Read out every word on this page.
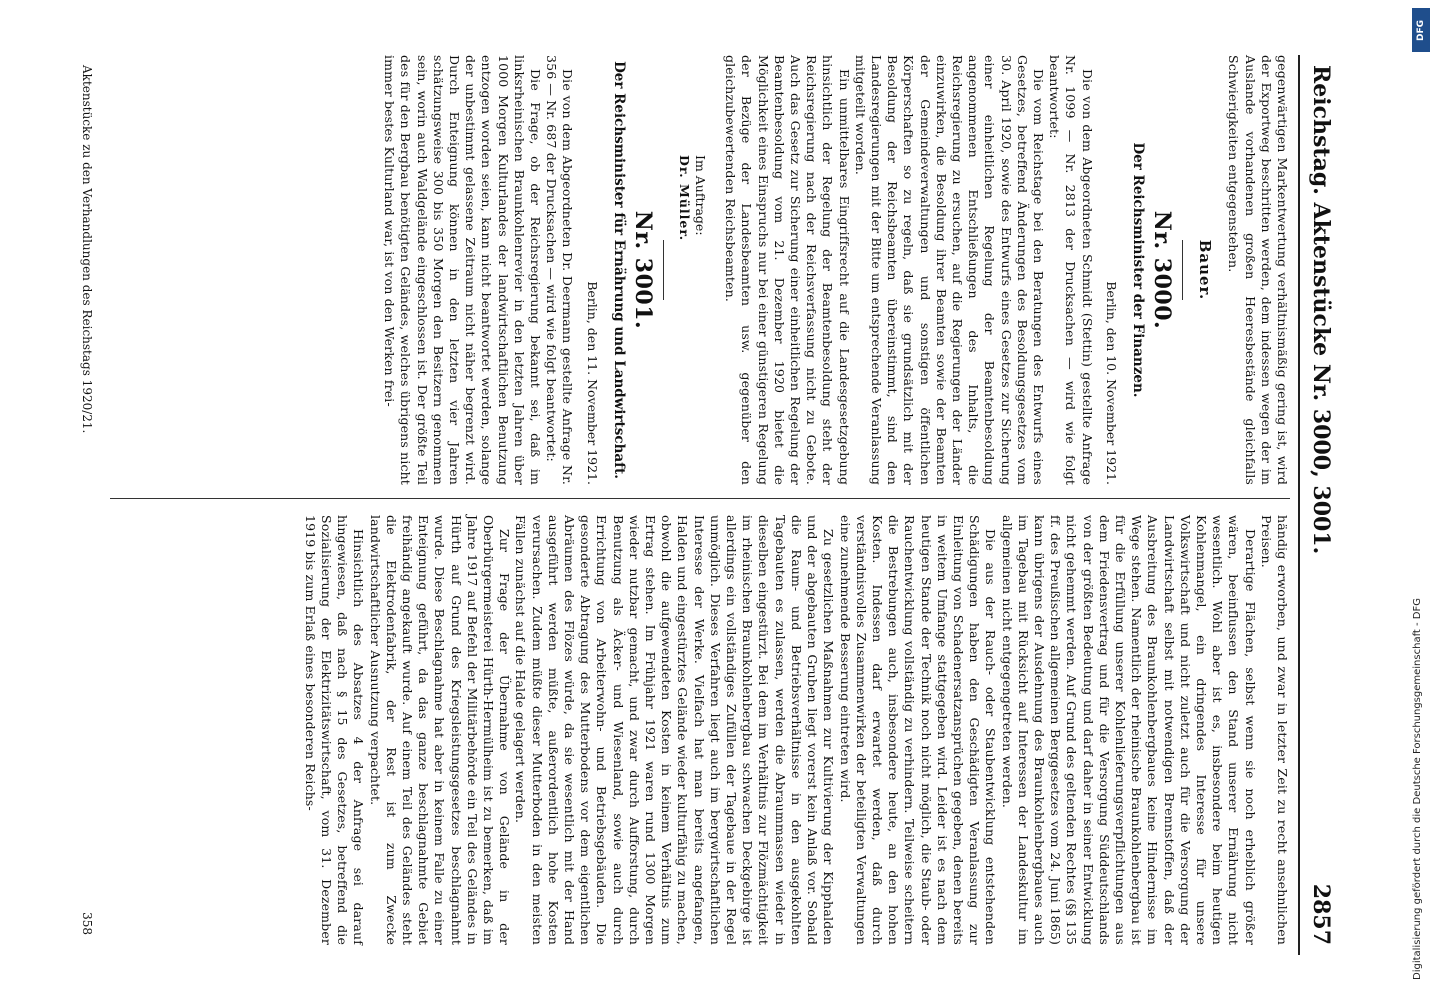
Reichstag. Aktenstücke Nr. 3000, 3001.
2857

gegenwärtigen Markentwertung verhältnismäßig gering ist, wird der Exportweg beschritten werden, dem indessen wegen der im Auslande vorhandenen großen Heeresbestände gleichfalls Schwierigkeiten entgegenstehen.

Bauer.
Nr. 3000.
Der Reichsminister der Finanzen.
Berlin, den 10. November 1921.

Die von dem Abgeordneten Schmidt (Stettin) gestellte Anfrage Nr. 1099 — Nr. 2813 der Drucksachen — wird wie folgt beantwortet:

Die vom Reichstage bei den Beratungen des Entwurfs eines Gesetzes, betreffend Änderungen des Besoldungsgesetzes vom 30. April 1920, sowie des Entwurfs eines Gesetzes zur Sicherung einer einheitlichen Regelung der Beamtenbesoldung angenommenen Entschließungen des Inhalts, die Reichsregierung zu ersuchen, auf die Regierungen der Länder einzuwirken, die Besoldung ihrer Beamten sowie der Beamten der Gemeindeverwaltungen und sonstigen öffentlichen Körperschaften so zu regeln, daß sie grundsätzlich mit der Besoldung der Reichsbeamten übereinstimmt, sind den Landesregierungen mit der Bitte um entsprechende Veranlassung mitgeteilt worden.

Ein unmittelbares Eingriffsrecht auf die Landesgesetzgebung hinsichtlich der Regelung der Beamtenbesoldung steht der Reichsregierung nach der Reichsverfassung nicht zu Gebote. Auch das Gesetz zur Sicherung einer einheitlichen Regelung der Beamtenbesoldung vom 21. Dezember 1920 bietet die Möglichkeit eines Einspruchs nur bei einer günstigeren Regelung der Bezüge der Landesbeamten usw. gegenüber den gleichzubewertenden Reichsbeamten.

Im Auftrage:
Dr. Müller.
Nr. 3001.
Der Reichsminister für Ernährung und Landwirtschaft.
Berlin, den 11. November 1921.

Die von dem Abgeordneten Dr. Deermann gestellte Anfrage Nr. 356 — Nr. 687 der Drucksachen — wird wie folgt beantwortet:

Die Frage, ob der Reichsregierung bekannt sei, daß im linksrheinischen Braunkohlenrevier in den letzten Jahren über 1000 Morgen Kulturlandes der landwirtschaftlichen Benutzung entzogen worden seien, kann nicht beantwortet werden, solange der unbestimmt gelassene Zeitraum nicht näher begrenzt wird. Durch Enteignung können in den letzten vier Jahren schätzungsweise 300 bis 350 Morgen den Besitzern genommen sein, worin auch Waldgelände eingeschlossen ist. Der größte Teil des für den Bergbau benötigten Geländes, welches übrigens nicht immer bestes Kulturland war, ist von den Werken frei-

händig erworben, und zwar in letzter Zeit zu recht ansehnlichen Preisen.

Derartige Flächen, selbst wenn sie noch erheblich größer wären, beeinflussen den Stand unserer Ernährung nicht wesentlich. Wohl aber ist es, insbesondere beim heutigen Kohlenmangel, ein dringendes Interesse für unsere Volkswirtschaft und nicht zuletzt auch für die Versorgung der Landwirtschaft selbst mit notwendigen Brennstoffen, daß der Ausbreitung des Braunkohlenbergbaues keine Hindernisse im Wege stehen. Namentlich der rheinische Braunkohlenbergbau ist für die Erfüllung unserer Kohlenlieferungsverpflichtungen aus dem Friedensvertrag und für die Versorgung Süddeutschlands von der größten Bedeutung und darf daher in seiner Entwicklung nicht gehemmt werden. Auf Grund des geltenden Rechtes (§§ 135 ff. des Preußischen allgemeinen Berggesetzes vom 24. Juni 1865) kann übrigens der Ausdehnung des Braunkohlenbergbaues auch im Tagebau mit Rücksicht auf Interessen der Landeskultur im allgemeinen nicht entgegengetreten werden.

Die aus der Rauch- oder Staubentwicklung entstehenden Schädigungen haben den Geschädigten Veranlassung zur Einleitung von Schadenersatzansprüchen gegeben, denen bereits in weitem Umfange stattgegeben wird. Leider ist es nach dem heutigen Stande der Technik noch nicht möglich, die Staub- oder Rauchentwicklung vollständig zu verhindern. Teilweise scheitern die Bestrebungen auch, insbesondere heute, an den hohen Kosten. Indessen darf erwartet werden, daß durch verständnisvolles Zusammenwirken der beteiligten Verwaltungen eine zunehmende Besserung eintreten wird.

Zu gesetzlichen Maßnahmen zur Kultivierung der Kipphalden und der abgebauten Gruben liegt vorerst kein Anlaß vor. Sobald die Raum- und Betriebsverhältnisse in den ausgekohlten Tagebauten es zulassen, werden die Abraummassen wieder in dieselben eingestürzt. Bei dem im Verhältnis zur Flözmächtigkeit im rheinischen Braunkohlenbergbau schwachen Deckgebirge ist allerdings ein vollständiges Zufüllen der Tagebaue in der Regel unmöglich. Dieses Verfahren liegt auch im bergwirtschaftlichen Interesse der Werke. Vielfach hat man bereits angefangen, Halden und eingestürztes Gelände wieder kulturfähig zu machen, obwohl die aufgewendeten Kosten in keinem Verhältnis zum Ertrag stehen. Im Frühjahr 1921 waren rund 1300 Morgen wieder nutzbar gemacht, und zwar durch Aufforstung, durch Benutzung als Äcker- und Wiesenland, sowie auch durch Errichtung von Arbeiterwohn- und Betriebsgebäuden. Die gesonderte Abtragung des Mutterbodens vor dem eigentlichen Abräumen des Flözes würde, da sie wesentlich mit der Hand ausgeführt werden müßte, außerordentlich hohe Kosten verursachen. Zudem müßte dieser Mutterboden in den meisten Fällen zunächst auf die Halde gelagert werden.

Zur Frage der Übernahme von Gelände in der Oberbürgermeisterei Hürth-Hermülheim ist zu bemerken, daß im Jahre 1917 auf Befehl der Militärbehörde ein Teil des Geländes in Hürth auf Grund des Kriegsleistungsgesetzes beschlagnahmt wurde. Diese Beschlagnahme hat aber in keinem Falle zu einer Enteignung geführt, da das ganze beschlagnahmte Gebiet freihändig angekauft wurde. Auf einem Teil des Geländes steht die Elektrodenfabrik, der Rest ist zum Zwecke landwirtschaftlicher Ausnutzung verpachtet.

Hinsichtlich des Absatzes 4 der Anfrage sei darauf hingewiesen, daß nach § 15 des Gesetzes, betreffend die Sozialisierung der Elektrizitätswirtschaft, vom 31. Dezember 1919 bis zum Erlaß eines besonderen Reichs-

Aktenstücke zu den Verhandlungen des Reichstags 1920/21.
358
DFG
Digitalisierung gefördert durch die Deutsche Forschungsgemeinschaft - DFG
